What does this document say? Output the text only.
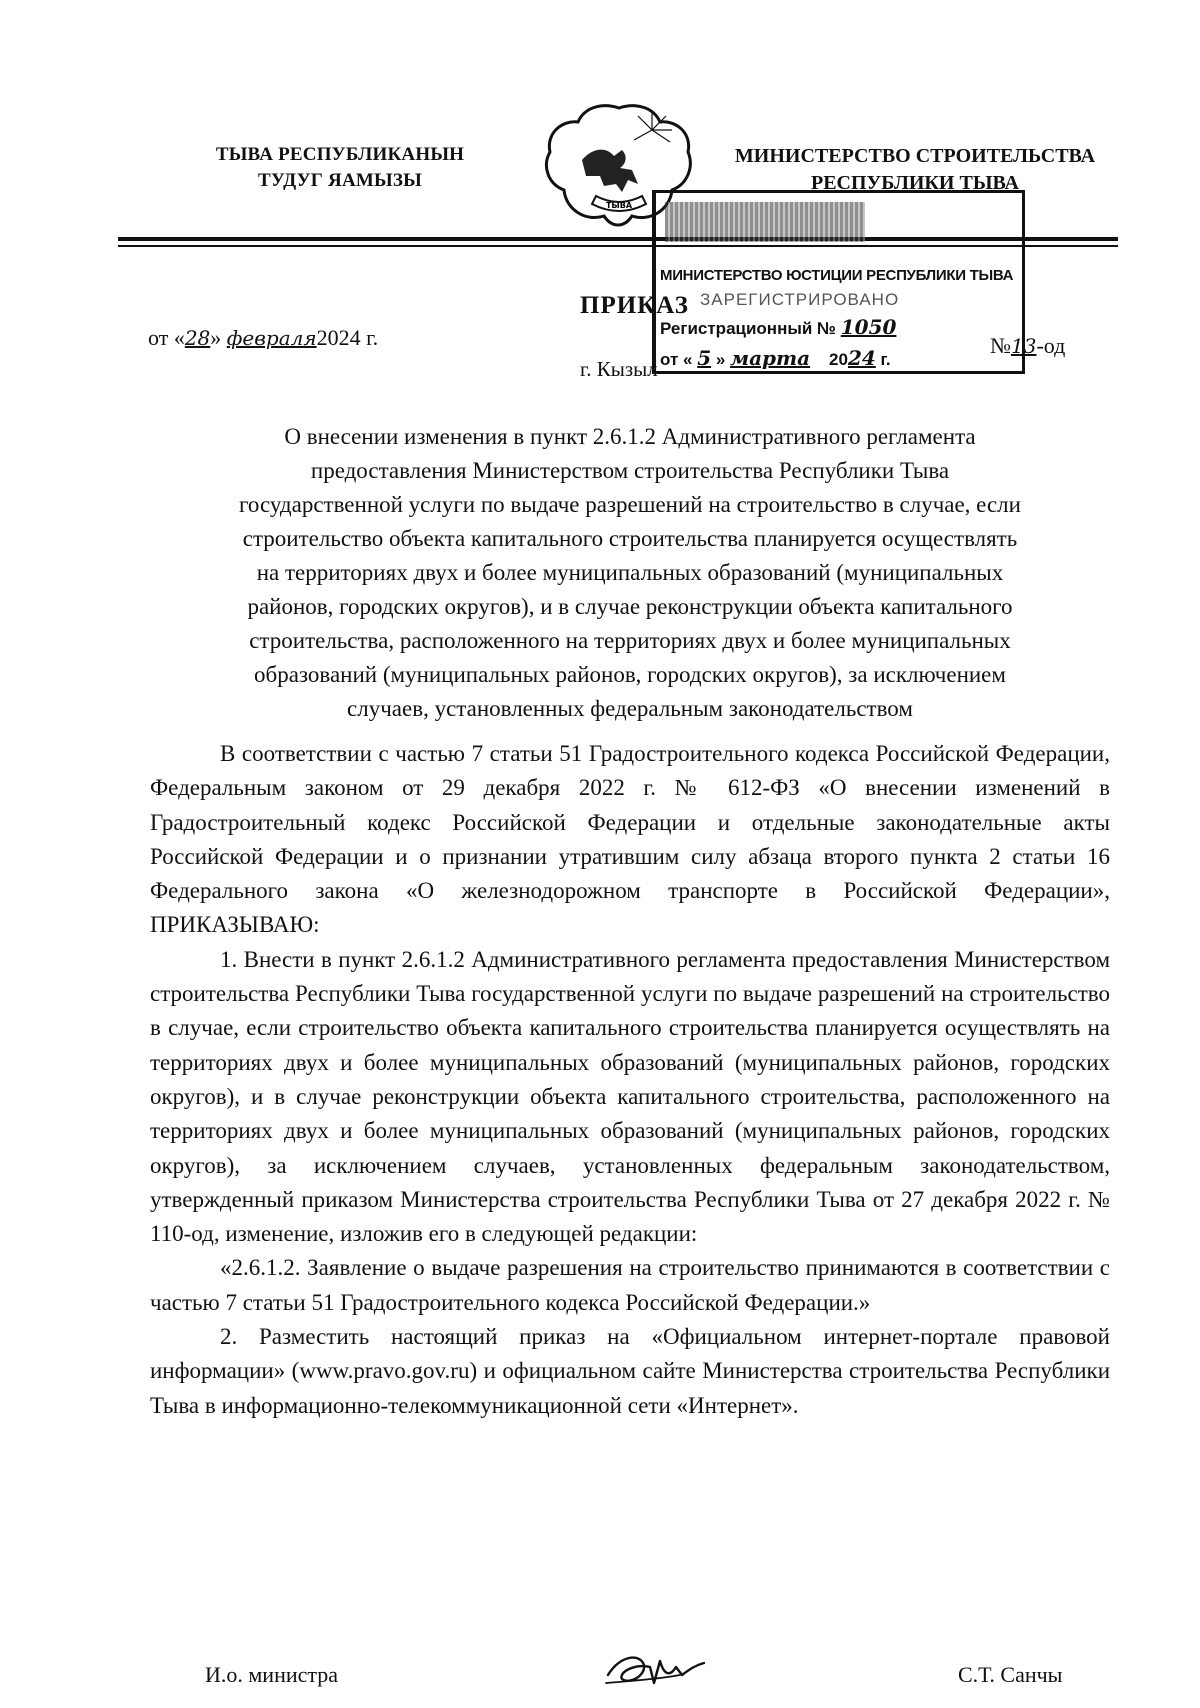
ТЫВА РЕСПУБЛИКАНЫН
ТУДУГ ЯАМЫЗЫ
ТЫВА
МИНИСТЕРСТВО СТРОИТЕЛЬСТВА
РЕСПУБЛИКИ ТЫВА
ПРИКАЗ
от «28» февраля2024 г.
г. Кызыл
МИНИСТЕРСТВО ЮСТИЦИИ РЕСПУБЛИКИ ТЫВА
ЗАРЕГИСТРИРОВАНО
Регистрационный № 1050
от « 5 » марта 2024 г.
№13-од
О внесении изменения в пункт 2.6.1.2 Административного регламента
предоставления Министерством строительства Республики Тыва
государственной услуги по выдаче разрешений на строительство в случае, если
строительство объекта капитального строительства планируется осуществлять
на территориях двух и более муниципальных образований (муниципальных
районов, городских округов), и в случае реконструкции объекта капитального
строительства, расположенного на территориях двух и более муниципальных
образований (муниципальных районов, городских округов), за исключением
случаев, установленных федеральным законодательством

В соответствии с частью 7 статьи 51 Градостроительного кодекса Российской Федерации, Федеральным законом от 29 декабря 2022 г. № 612-ФЗ «О внесении изменений в Градостроительный кодекс Российской Федерации и отдельные законодательные акты Российской Федерации и о признании утратившим силу абзаца второго пункта 2 статьи 16 Федерального закона «О железнодорожном транспорте в Российской Федерации», ПРИКАЗЫВАЮ:

1. Внести в пункт 2.6.1.2 Административного регламента предоставления Министерством строительства Республики Тыва государственной услуги по выдаче разрешений на строительство в случае, если строительство объекта капитального строительства планируется осуществлять на территориях двух и более муниципальных образований (муниципальных районов, городских округов), и в случае реконструкции объекта капитального строительства, расположенного на территориях двух и более муниципальных образований (муниципальных районов, городских округов), за исключением случаев, установленных федеральным законодательством, утвержденный приказом Министерства строительства Республики Тыва от 27 декабря 2022 г. № 110-од, изменение, изложив его в следующей редакции:

«2.6.1.2. Заявление о выдаче разрешения на строительство принимаются в соответствии с частью 7 статьи 51 Градостроительного кодекса Российской Федерации.»

2. Разместить настоящий приказ на «Официальном интернет-портале правовой информации» (www.pravo.gov.ru) и официальном сайте Министерства строительства Республики Тыва в информационно-телекоммуникационной сети «Интернет».

И.о. министра	С.Т. Санчы
